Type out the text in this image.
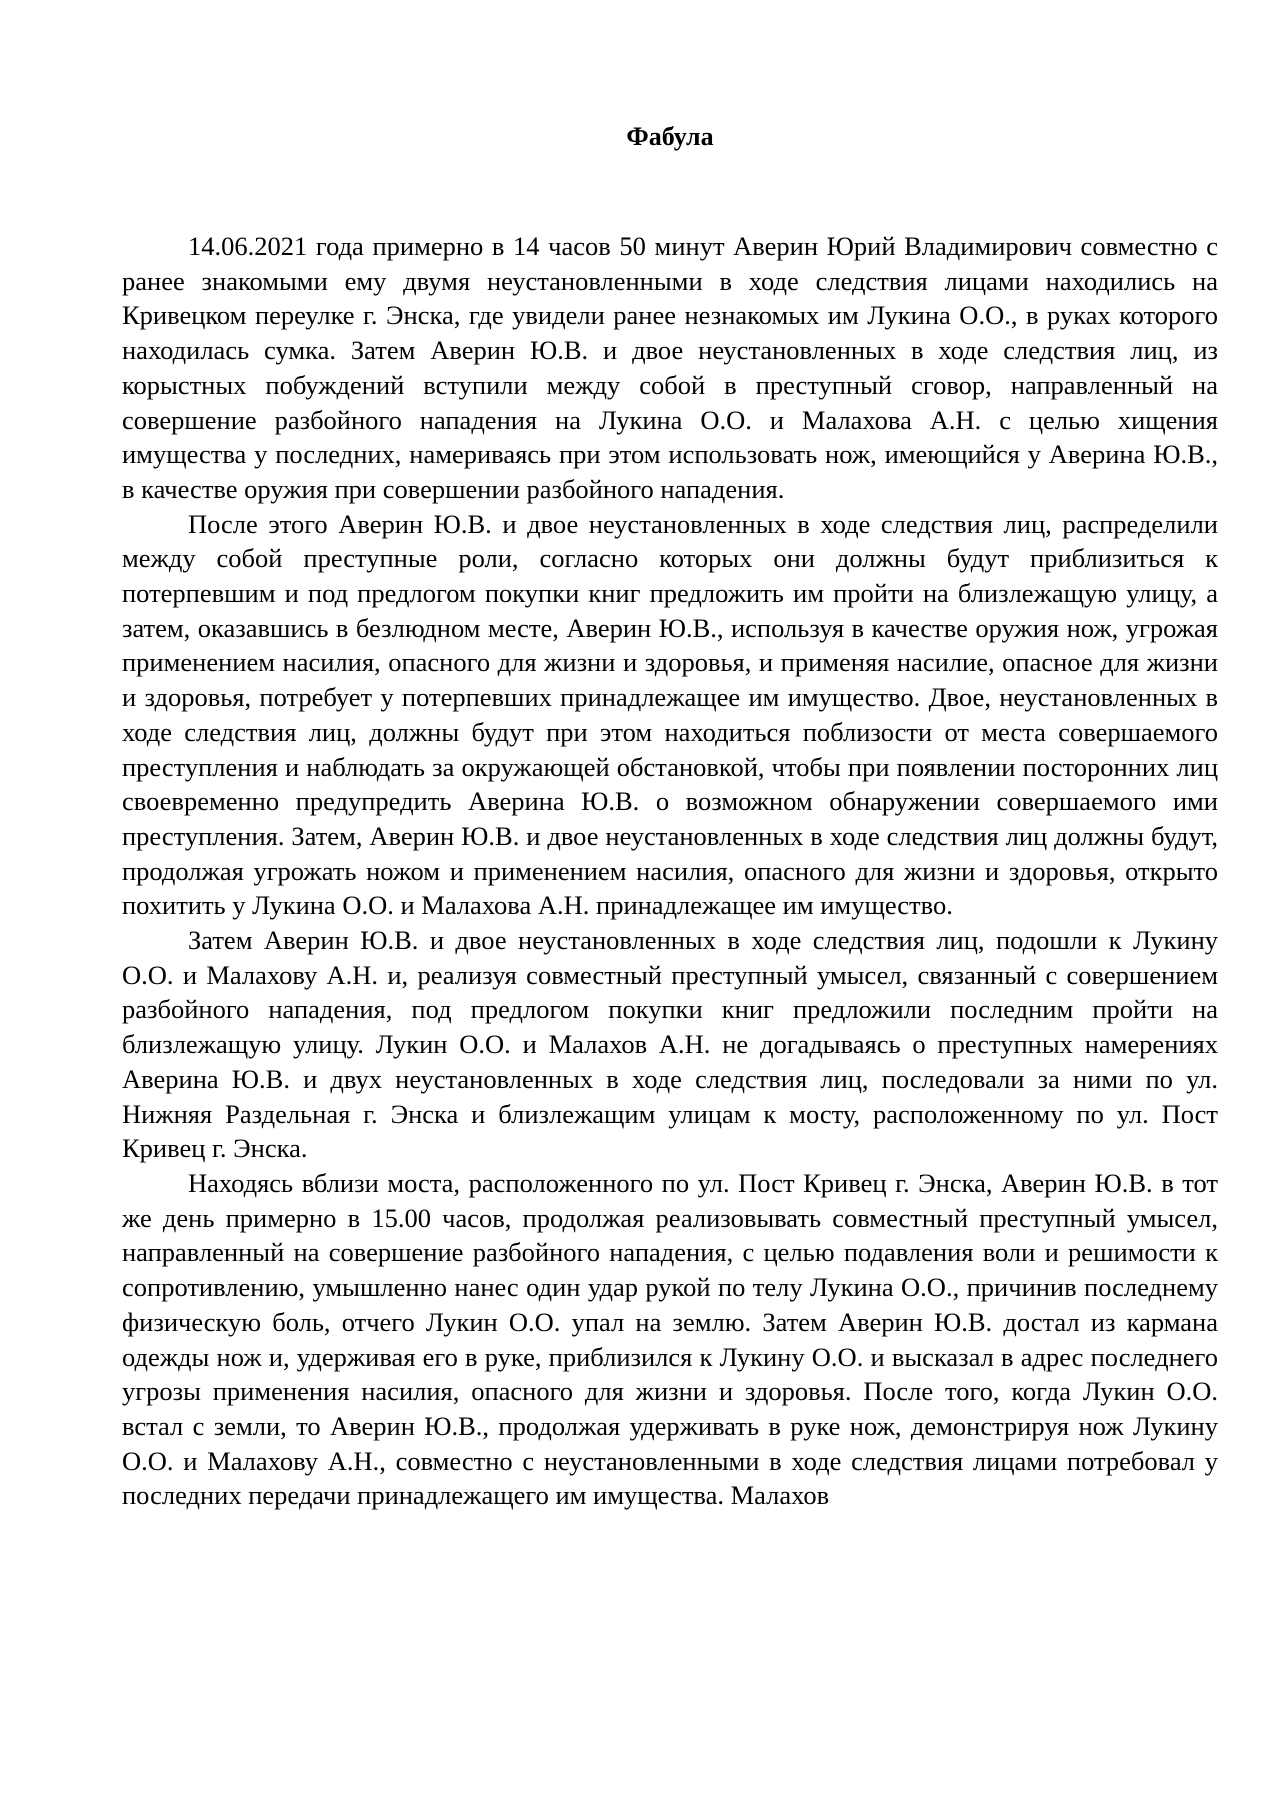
Фабула

14.06.2021 года примерно в 14 часов 50 минут Аверин Юрий Владимирович совместно с ранее знакомыми ему двумя неустановленными в ходе следствия лицами находились на Кривецком переулке г. Энска, где увидели ранее незнакомых им Лукина О.О., в руках которого находилась сумка. Затем Аверин Ю.В. и двое неустановленных в ходе следствия лиц, из корыстных побуждений вступили между собой в преступный сговор, направленный на совершение разбойного нападения на Лукина О.О. и Малахова А.Н. с целью хищения имущества у последних, намериваясь при этом использовать нож, имеющийся у Аверина Ю.В., в качестве оружия при совершении разбойного нападения.

После этого Аверин Ю.В. и двое неустановленных в ходе следствия лиц, распределили между собой преступные роли, согласно которых они должны будут приблизиться к потерпевшим и под предлогом покупки книг предложить им пройти на близлежащую улицу, а затем, оказавшись в безлюдном месте, Аверин Ю.В., используя в качестве оружия нож, угрожая применением насилия, опасного для жизни и здоровья, и применяя насилие, опасное для жизни и здоровья, потребует у потерпевших принадлежащее им имущество. Двое, неустановленных в ходе следствия лиц, должны будут при этом находиться поблизости от места совершаемого преступления и наблюдать за окружающей обстановкой, чтобы при появлении посторонних лиц своевременно предупредить Аверина Ю.В. о возможном обнаружении совершаемого ими преступления. Затем, Аверин Ю.В. и двое неустановленных в ходе следствия лиц должны будут, продолжая угрожать ножом и применением насилия, опасного для жизни и здоровья, открыто похитить у Лукина О.О. и Малахова А.Н. принадлежащее им имущество.

Затем Аверин Ю.В. и двое неустановленных в ходе следствия лиц, подошли к Лукину О.О. и Малахову А.Н. и, реализуя совместный преступный умысел, связанный с совершением разбойного нападения, под предлогом покупки книг предложили последним пройти на близлежащую улицу. Лукин О.О. и Малахов А.Н. не догадываясь о преступных намерениях Аверина Ю.В. и двух неустановленных в ходе следствия лиц, последовали за ними по ул. Нижняя Раздельная г. Энска и близлежащим улицам к мосту, расположенному по ул. Пост Кривец г. Энска.

Находясь вблизи моста, расположенного по ул. Пост Кривец г. Энска, Аверин Ю.В. в тот же день примерно в 15.00 часов, продолжая реализовывать совместный преступный умысел, направленный на совершение разбойного нападения, с целью подавления воли и решимости к сопротивлению, умышленно нанес один удар рукой по телу Лукина О.О., причинив последнему физическую боль, отчего Лукин О.О. упал на землю. Затем Аверин Ю.В. достал из кармана одежды нож и, удерживая его в руке, приблизился к Лукину О.О. и высказал в адрес последнего угрозы применения насилия, опасного для жизни и здоровья. После того, когда Лукин О.О. встал с земли, то Аверин Ю.В., продолжая удерживать в руке нож, демонстрируя нож Лукину О.О. и Малахову А.Н., совместно с неустановленными в ходе следствия лицами потребовал у последних передачи принадлежащего им имущества. Малахов
